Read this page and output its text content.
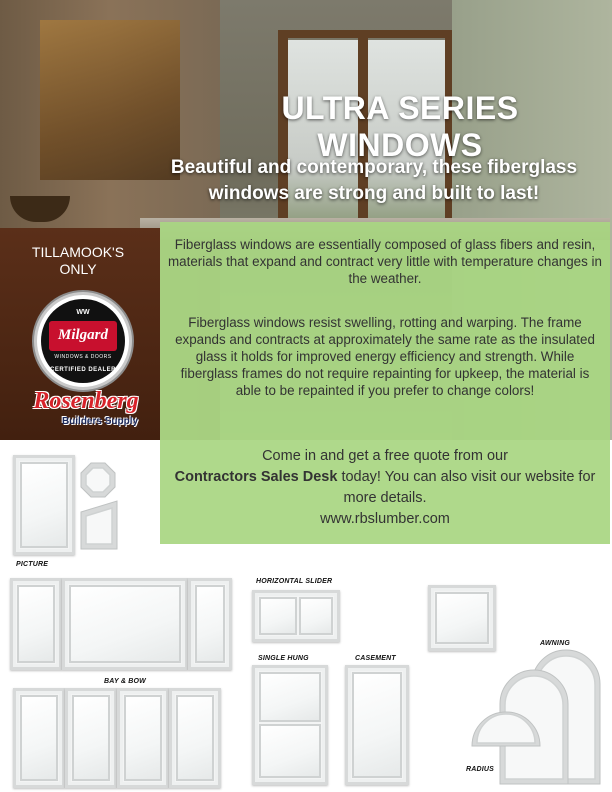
ULTRA SERIES WINDOWS
Beautiful and contemporary, these fiberglass
windows are strong and built to last!
TILLAMOOK'S
ONLY
WW
Milgard
WINDOWS & DOORS
CERTIFIED DEALER
Rosenberg
Builders Supply

Fiberglass windows are essentially composed of glass fibers and resin, materials that expand and contract very little with temperature changes in the weather.

Fiberglass windows resist swelling, rotting and warping. The frame expands and contracts at approximately the same rate as the insulated glass it holds for improved energy efficiency and strength. While fiberglass frames do not require repainting for upkeep, the material is able to be repainted if you prefer to change colors!

Come in and get a free quote from our
Contractors Sales Desk today! You can also visit our website for more details.
www.rbslumber.com

PICTURE
BAY & BOW
HORIZONTAL SLIDER
SINGLE HUNG	CASEMENT
AWNING
RADIUS
